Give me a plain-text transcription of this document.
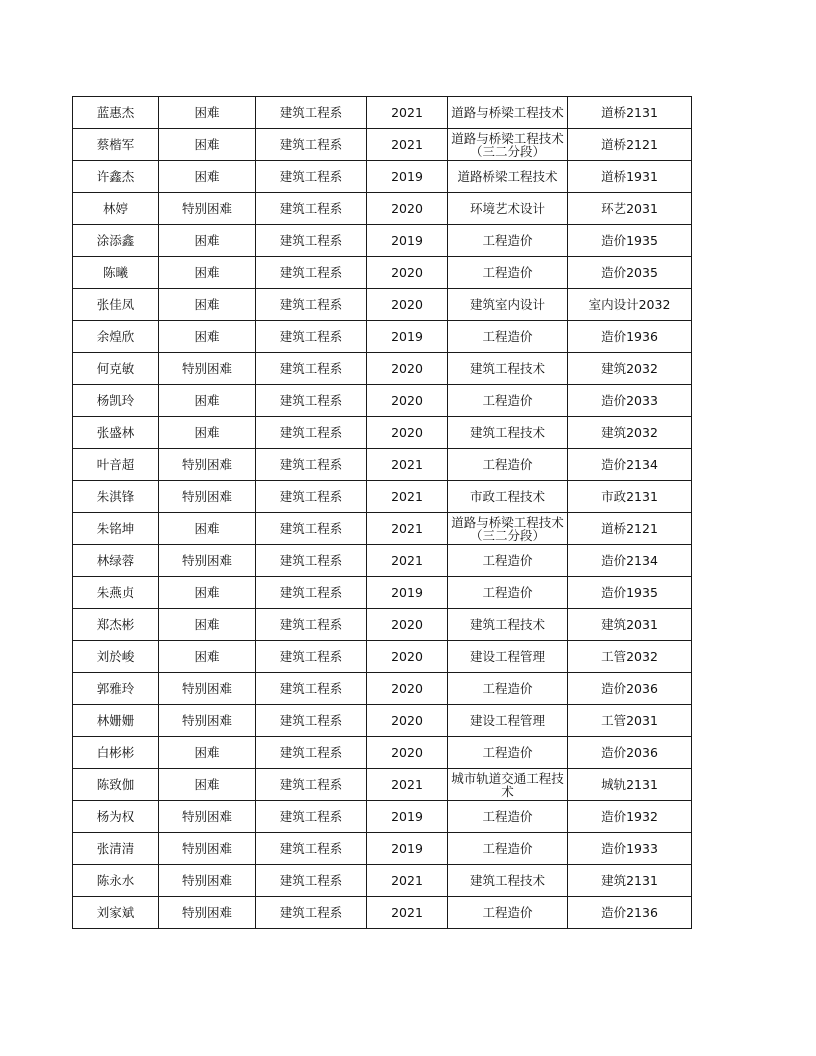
蓝惠杰	困难	建筑工程系	2021	道路与桥梁工程技术	道桥2131
蔡楷军	困难	建筑工程系	2021	道路与桥梁工程技术（三二分段）	道桥2121
许鑫杰	困难	建筑工程系	2019	道路桥梁工程技术	道桥1931
林婷	特别困难	建筑工程系	2020	环境艺术设计	环艺2031
涂添鑫	困难	建筑工程系	2019	工程造价	造价1935
陈曦	困难	建筑工程系	2020	工程造价	造价2035
张佳凤	困难	建筑工程系	2020	建筑室内设计	室内设计2032
余煌欣	困难	建筑工程系	2019	工程造价	造价1936
何克敏	特别困难	建筑工程系	2020	建筑工程技术	建筑2032
杨凯玲	困难	建筑工程系	2020	工程造价	造价2033
张盛林	困难	建筑工程系	2020	建筑工程技术	建筑2032
叶音超	特别困难	建筑工程系	2021	工程造价	造价2134
朱淇锋	特别困难	建筑工程系	2021	市政工程技术	市政2131
朱铭坤	困难	建筑工程系	2021	道路与桥梁工程技术（三二分段）	道桥2121
林绿蓉	特别困难	建筑工程系	2021	工程造价	造价2134
朱燕贞	困难	建筑工程系	2019	工程造价	造价1935
郑杰彬	困难	建筑工程系	2020	建筑工程技术	建筑2031
刘於峻	困难	建筑工程系	2020	建设工程管理	工管2032
郭雅玲	特别困难	建筑工程系	2020	工程造价	造价2036
林姗姗	特别困难	建筑工程系	2020	建设工程管理	工管2031
白彬彬	困难	建筑工程系	2020	工程造价	造价2036
陈致伽	困难	建筑工程系	2021	城市轨道交通工程技术	城轨2131
杨为权	特别困难	建筑工程系	2019	工程造价	造价1932
张清清	特别困难	建筑工程系	2019	工程造价	造价1933
陈永水	特别困难	建筑工程系	2021	建筑工程技术	建筑2131
刘家斌	特别困难	建筑工程系	2021	工程造价	造价2136
